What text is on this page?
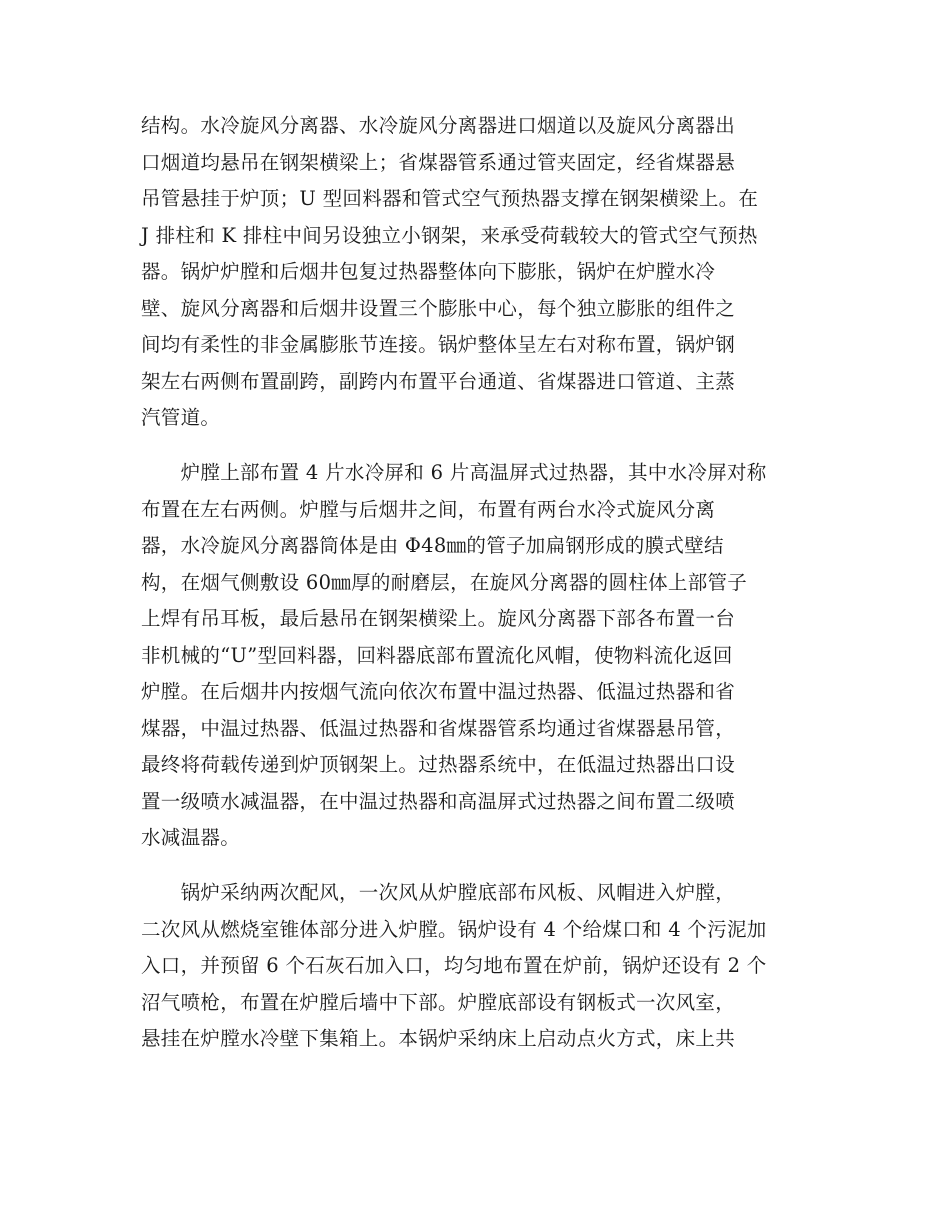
结构。水冷旋风分离器、水冷旋风分离器进口烟道以及旋风分离器出
口烟道均悬吊在钢架横梁上；省煤器管系通过管夹固定，经省煤器悬
吊管悬挂于炉顶；U 型回料器和管式空气预热器支撑在钢架横梁上。在
J 排柱和 K 排柱中间另设独立小钢架，来承受荷载较大的管式空气预热
器。锅炉炉膛和后烟井包复过热器整体向下膨胀，锅炉在炉膛水冷
壁、旋风分离器和后烟井设置三个膨胀中心，每个独立膨胀的组件之
间均有柔性的非金属膨胀节连接。锅炉整体呈左右对称布置，锅炉钢
架左右两侧布置副跨，副跨内布置平台通道、省煤器进口管道、主蒸
汽管道。
　　炉膛上部布置 4 片水冷屏和 6 片高温屏式过热器，其中水冷屏对称
布置在左右两侧。炉膛与后烟井之间，布置有两台水冷式旋风分离
器，水冷旋风分离器筒体是由 Φ48㎜的管子加扁钢形成的膜式壁结
构，在烟气侧敷设 60㎜厚的耐磨层，在旋风分离器的圆柱体上部管子
上焊有吊耳板，最后悬吊在钢架横梁上。旋风分离器下部各布置一台
非机械的“U”型回料器，回料器底部布置流化风帽，使物料流化返回
炉膛。在后烟井内按烟气流向依次布置中温过热器、低温过热器和省
煤器，中温过热器、低温过热器和省煤器管系均通过省煤器悬吊管，
最终将荷载传递到炉顶钢架上。过热器系统中，在低温过热器出口设
置一级喷水减温器，在中温过热器和高温屏式过热器之间布置二级喷
水减温器。
　　锅炉采纳两次配风，一次风从炉膛底部布风板、风帽进入炉膛，
二次风从燃烧室锥体部分进入炉膛。锅炉设有 4 个给煤口和 4 个污泥加
入口，并预留 6 个石灰石加入口，均匀地布置在炉前，锅炉还设有 2 个
沼气喷枪，布置在炉膛后墙中下部。炉膛底部设有钢板式一次风室，
悬挂在炉膛水冷壁下集箱上。本锅炉采纳床上启动点火方式，床上共
